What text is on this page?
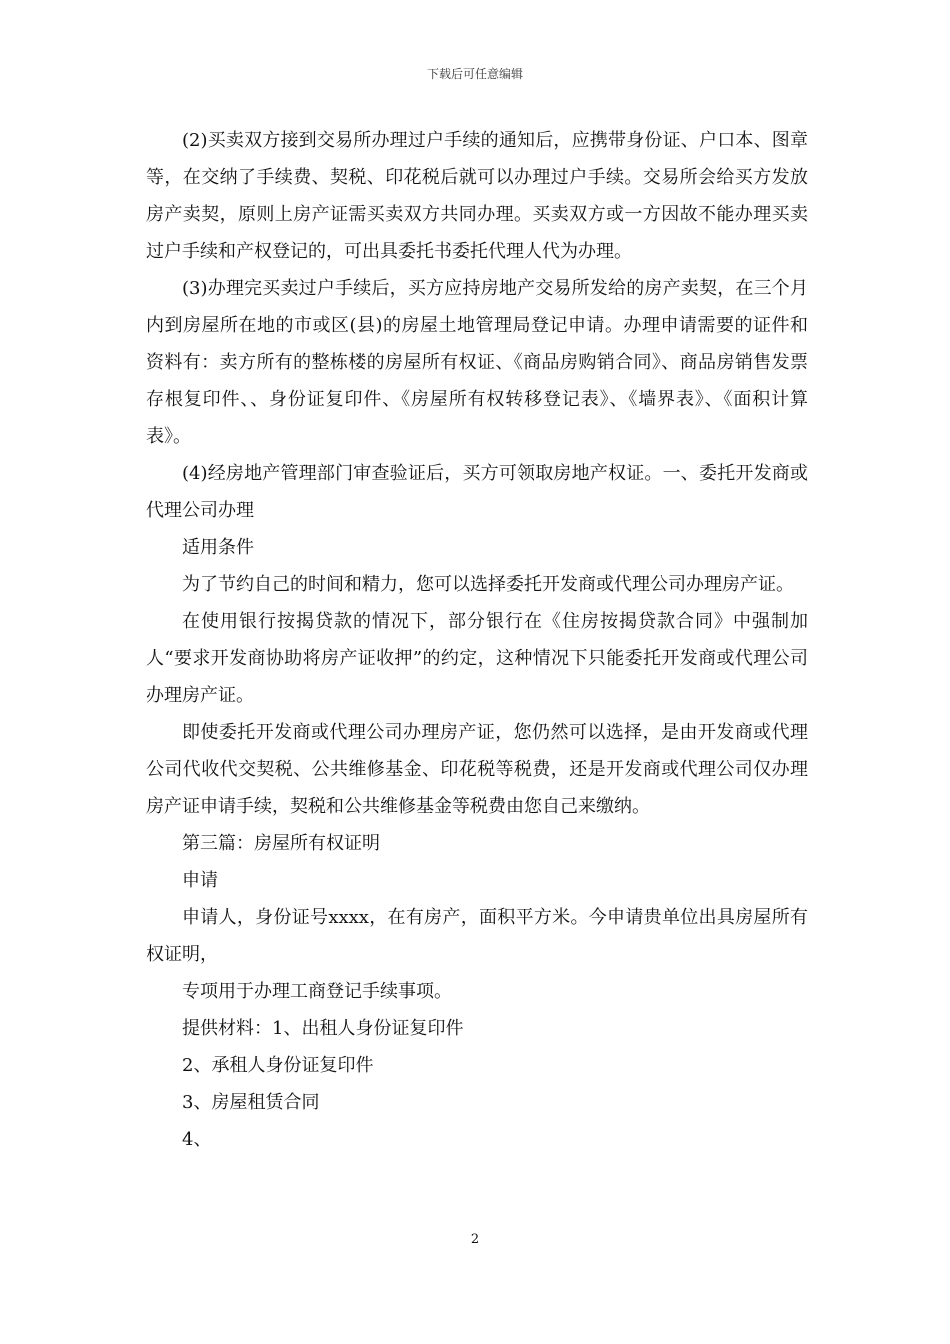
下载后可任意编辑

(2)买卖双方接到交易所办理过户手续的通知后，应携带身份证、户口本、图章等，在交纳了手续费、契税、印花税后就可以办理过户手续。交易所会给买方发放房产卖契，原则上房产证需买卖双方共同办理。买卖双方或一方因故不能办理买卖过户手续和产权登记的，可出具委托书委托代理人代为办理。

(3)办理完买卖过户手续后，买方应持房地产交易所发给的房产卖契，在三个月内到房屋所在地的市或区(县)的房屋土地管理局登记申请。办理申请需要的证件和资料有：卖方所有的整栋楼的房屋所有权证、《商品房购销合同》、商品房销售发票存根复印件、、身份证复印件、《房屋所有权转移登记表》、《墙界表》、《面积计算表》。

(4)经房地产管理部门审查验证后，买方可领取房地产权证。一、委托开发商或代理公司办理

适用条件

为了节约自己的时间和精力，您可以选择委托开发商或代理公司办理房产证。

在使用银行按揭贷款的情况下，部分银行在《住房按揭贷款合同》中强制加人“要求开发商协助将房产证收押”的约定，这种情况下只能委托开发商或代理公司办理房产证。

即使委托开发商或代理公司办理房产证，您仍然可以选择，是由开发商或代理公司代收代交契税、公共维修基金、印花税等税费，还是开发商或代理公司仅办理房产证申请手续，契税和公共维修基金等税费由您自己来缴纳。

第三篇：房屋所有权证明

申请

申请人，身份证号xxxx，在有房产，面积平方米。今申请贵单位出具房屋所有权证明，

专项用于办理工商登记手续事项。

提供材料：1、出租人身份证复印件

2、承租人身份证复印件

3、房屋租赁合同

4、

2
